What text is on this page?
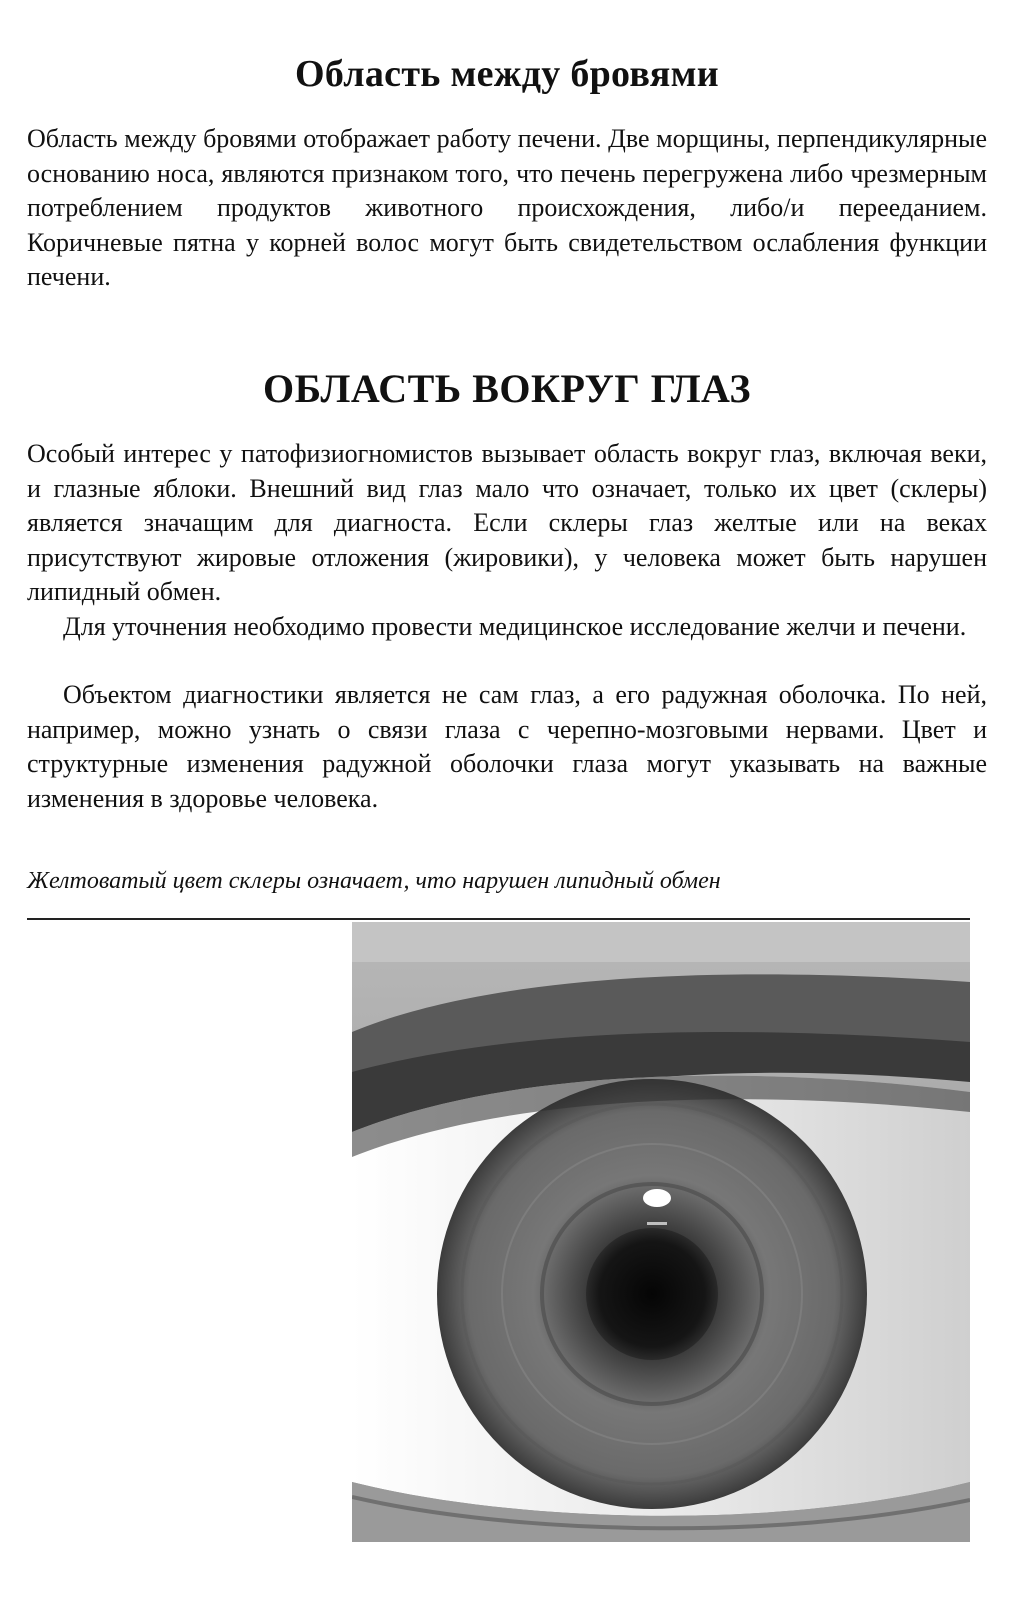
Область между бровями

Область между бровями отображает работу печени. Две морщины, перпендикулярные основанию носа, являются признаком того, что печень перегружена либо чрезмерным потреблением продуктов животного происхождения, либо/и перееданием. Коричневые пятна у корней волос могут быть свидетельством ослабления функции печени.

ОБЛАСТЬ ВОКРУГ ГЛАЗ

Особый интерес у патофизиогномистов вызывает область вокруг глаз, включая веки, и глазные яблоки. Внешний вид глаз мало что означает, только их цвет (склеры) является значащим для диагноста. Если склеры глаз желтые или на веках присутствуют жировые отложения (жировики), у человека может быть нарушен липидный обмен.

Для уточнения необходимо провести медицинское исследование желчи и печени.

Объектом диагностики является не сам глаз, а его радужная оболочка. По ней, например, можно узнать о связи глаза с черепно-мозговыми нервами. Цвет и структурные изменения радужной оболочки глаза могут указывать на важные изменения в здоровье человека.

Желтоватый цвет склеры означает, что нарушен липидный обмен
